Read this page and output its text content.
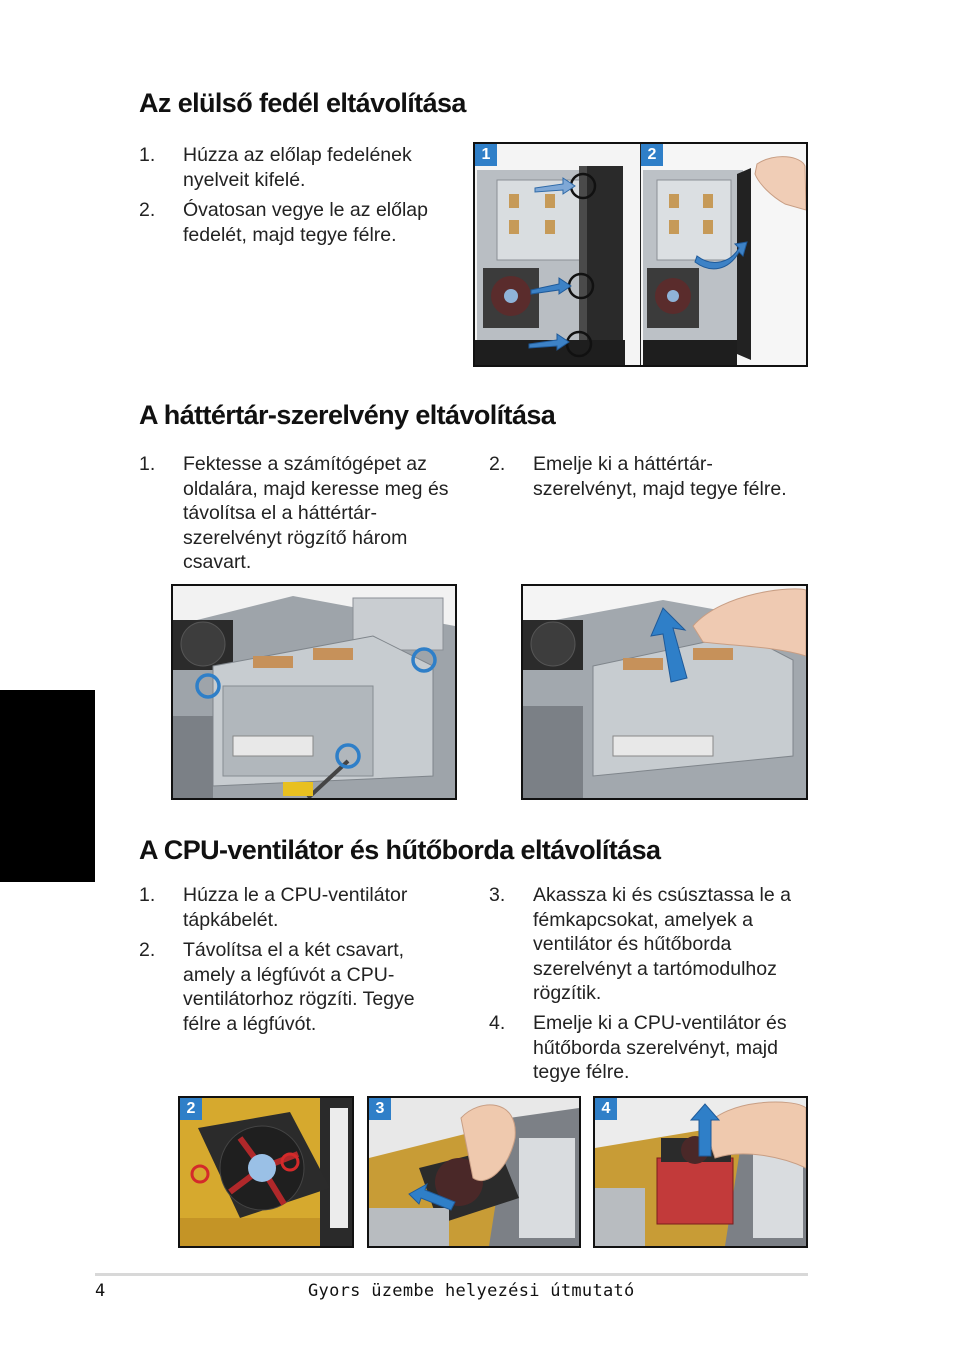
Az elülső fedél eltávolítása
1. Húzza az előlap fedelének
nyelveit kifelé.
2. Óvatosan vegye le az előlap
fedelét, majd tegye félre.
1	2
A háttértár-szerelvény eltávolítása
1. Fektesse a számítógépet az
oldalára, majd keresse meg és
távolítsa el a háttértár-
szerelvényt rögzítő három
csavart.
2. Emelje ki a háttértár-
szerelvényt, majd tegye félre.
A CPU-ventilátor és hűtőborda eltávolítása
1. Húzza le a CPU-ventilátor
tápkábelét.
2. Távolítsa el a két csavart,
amely a légfúvót a CPU-
ventilátorhoz rögzíti. Tegye
félre a légfúvót.
3. Akassza ki és csúsztassa le a
fémkapcsokat, amelyek a
ventilátor és hűtőborda
szerelvényt a tartómodulhoz
rögzítik.
4. Emelje ki a CPU-ventilátor és
hűtőborda szerelvényt, majd
tegye félre.
2	3	4
4	Gyors üzembe helyezési útmutató
